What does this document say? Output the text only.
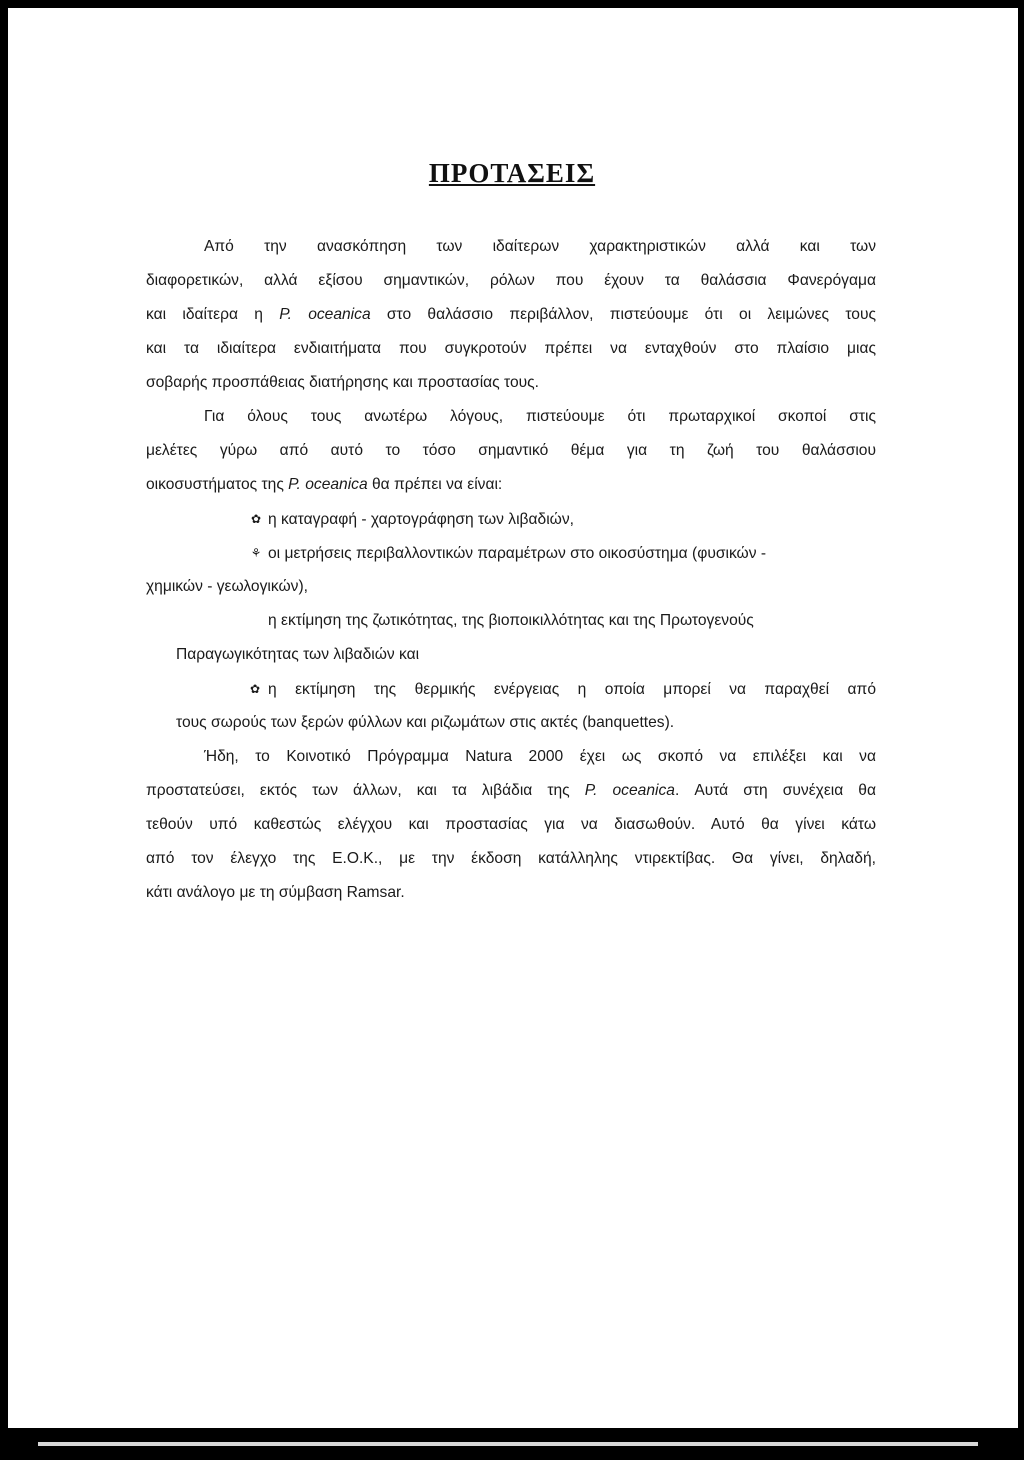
ΠΡΟΤΑΣΕΙΣ
Από την ανασκόπηση των ιδαίτερων χαρακτηριστικών αλλά και των
διαφορετικών, αλλά εξίσου σημαντικών, ρόλων που έχουν τα θαλάσσια Φανερόγαμα
και ιδαίτερα η P. oceanica στο θαλάσσιο περιβάλλον, πιστεύουμε ότι οι λειμώνες τους
και τα ιδιαίτερα ενδιαιτήματα που συγκροτούν πρέπει να ενταχθούν στο πλαίσιο μιας
σοβαρής προσπάθειας διατήρησης και προστασίας τους.
Για όλους τους ανωτέρω λόγους, πιστεύουμε ότι πρωταρχικοί σκοποί στις
μελέτες γύρω από αυτό το τόσο σημαντικό θέμα για τη ζωή του θαλάσσιου
οικοσυστήματος της P. oceanica θα πρέπει να είναι:
✿ η καταγραφή - χαρτογράφηση των λιβαδιών,
⚘ οι μετρήσεις περιβαλλοντικών παραμέτρων στο οικοσύστημα (φυσικών -
χημικών - γεωλογικών),
η εκτίμηση της ζωτικότητας, της βιοποικιλλότητας και της Πρωτογενούς
Παραγωγικότητας των λιβαδιών και
✿ η εκτίμηση της θερμικής ενέργειας η οποία μπορεί να παραχθεί από
τους σωρούς των ξερών φύλλων και ριζωμάτων στις ακτές (banquettes).
Ήδη, το Κοινοτικό Πρόγραμμα Natura 2000 έχει ως σκοπό να επιλέξει και να
προστατεύσει, εκτός των άλλων, και τα λιβάδια της P. oceanica. Αυτά στη συνέχεια θα
τεθούν υπό καθεστώς ελέγχου και προστασίας για να διασωθούν. Αυτό θα γίνει κάτω
από τον έλεγχο της Ε.Ο.Κ., με την έκδοση κατάλληλης ντιρεκτίβας. Θα γίνει, δηλαδή,
κάτι ανάλογο με τη σύμβαση Ramsar.
